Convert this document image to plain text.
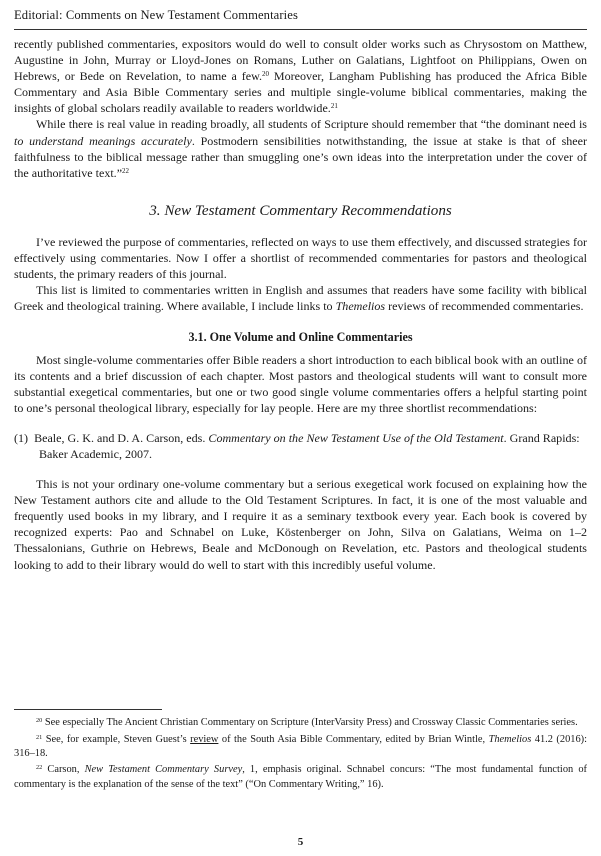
Editorial: Comments on New Testament Commentaries

recently published commentaries, expositors would do well to consult older works such as Chrysostom on Matthew, Augustine in John, Murray or Lloyd-Jones on Romans, Luther on Galatians, Lightfoot on Philippians, Owen on Hebrews, or Bede on Revelation, to name a few.$^{20}$ Moreover, Langham Publishing has produced the Africa Bible Commentary and Asia Bible Commentary series and multiple single-volume biblical commentaries, making the insights of global scholars readily available to readers worldwide.$^{21}$

While there is real value in reading broadly, all students of Scripture should remember that “the dominant need is to understand meanings accurately. Postmodern sensibilities notwithstanding, the issue at stake is that of sheer faithfulness to the biblical message rather than smuggling one’s own ideas into the interpretation under the cover of the authoritative text.”$^{22}$

3. New Testament Commentary Recommendations

I’ve reviewed the purpose of commentaries, reflected on ways to use them effectively, and discussed strategies for effectively using commentaries. Now I offer a shortlist of recommended commentaries for pastors and theological students, the primary readers of this journal.

This list is limited to commentaries written in English and assumes that readers have some facility with biblical Greek and theological training. Where available, I include links to Themelios reviews of recommended commentaries.

3.1. One Volume and Online Commentaries

Most single-volume commentaries offer Bible readers a short introduction to each biblical book with an outline of its contents and a brief discussion of each chapter. Most pastors and theological students will want to consult more substantial exegetical commentaries, but one or two good single volume commentaries offers a helpful starting point to one’s personal theological library, especially for lay people. Here are my three shortlist recommendations:

(1) Beale, G. K. and D. A. Carson, eds. Commentary on the New Testament Use of the Old Testament. Grand Rapids: Baker Academic, 2007.

This is not your ordinary one-volume commentary but a serious exegetical work focused on explaining how the New Testament authors cite and allude to the Old Testament Scriptures. In fact, it is one of the most valuable and frequently used books in my library, and I require it as a seminary textbook every year. Each book is covered by recognized experts: Pao and Schnabel on Luke, Köstenberger on John, Silva on Galatians, Weima on 1–2 Thessalonians, Guthrie on Hebrews, Beale and McDonough on Revelation, etc. Pastors and theological students looking to add to their library would do well to start with this incredibly useful volume.

$^{20}$ See especially The Ancient Christian Commentary on Scripture (InterVarsity Press) and Crossway Classic Commentaries series.

$^{21}$ See, for example, Steven Guest’s review of the South Asia Bible Commentary, edited by Brian Wintle, Themelios 41.2 (2016): 316–18.

$^{22}$ Carson, New Testament Commentary Survey, 1, emphasis original. Schnabel concurs: “The most fundamental function of commentary is the explanation of the sense of the text” (“On Commentary Writing,” 16).

5
